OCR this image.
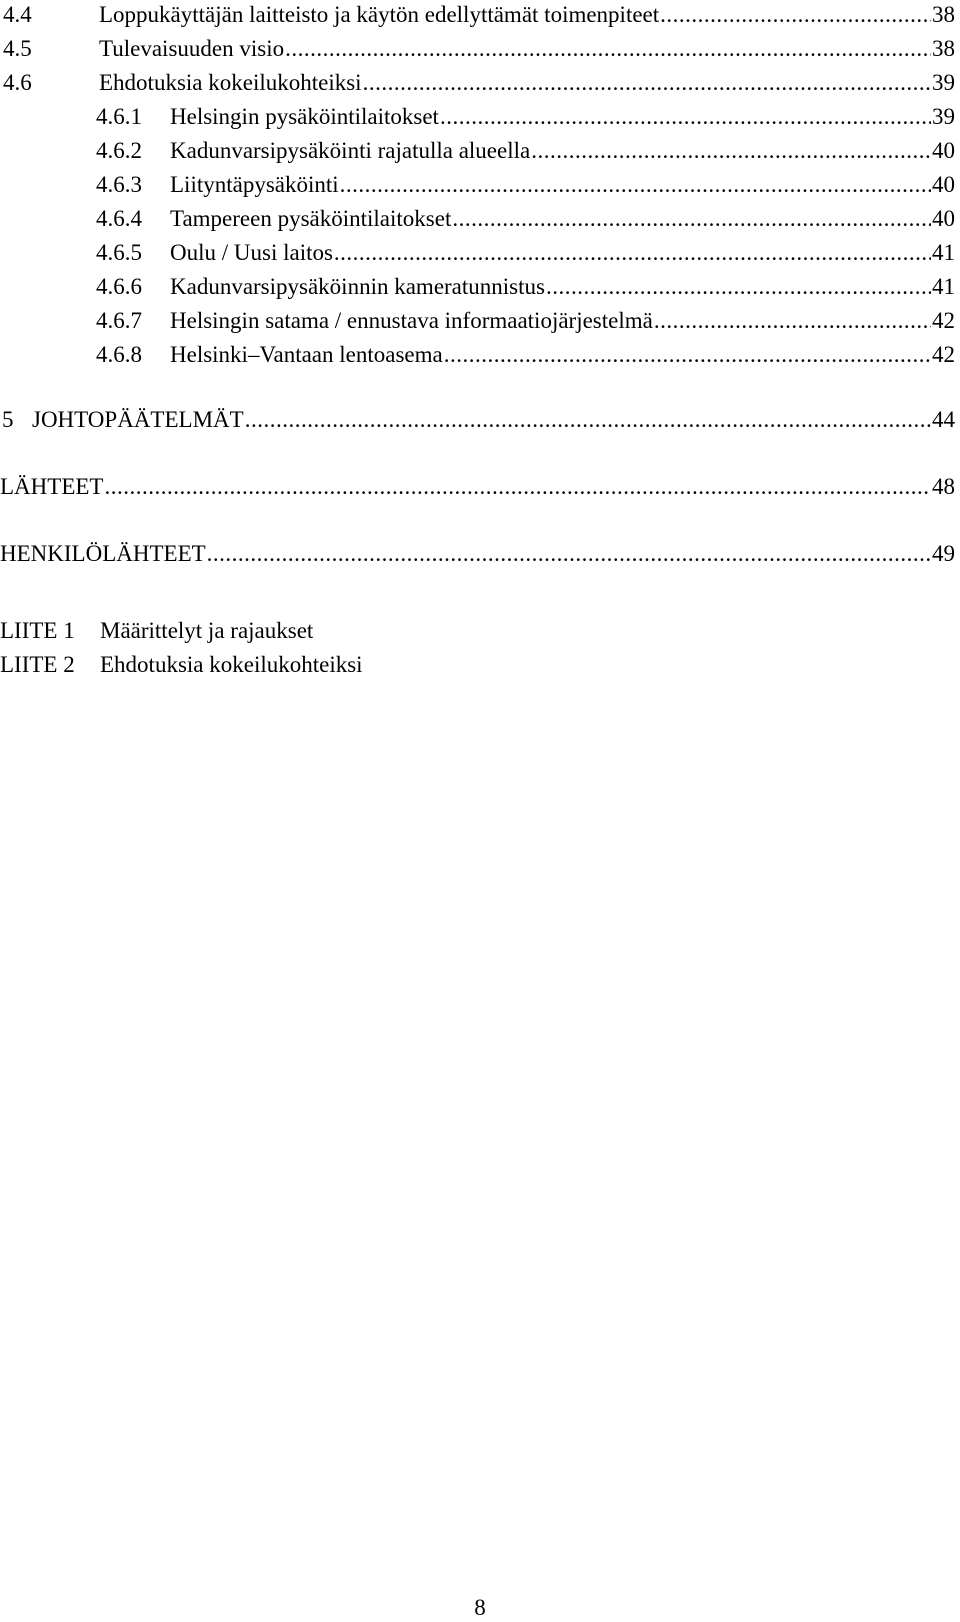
4.4	Loppukäyttäjän laitteisto ja käytön edellyttämät toimenpiteet .....	38
4.5	Tulevaisuuden visio .....	38
4.6	Ehdotuksia kokeilukohteiksi .....	39
4.6.1	Helsingin pysäköintilaitokset .....	39
4.6.2	Kadunvarsipysäköinti rajatulla alueella .....	40
4.6.3	Liityntäpysäköinti .....	40
4.6.4	Tampereen pysäköintilaitokset .....	40
4.6.5	Oulu / Uusi laitos .....	41
4.6.6	Kadunvarsipysäköinnin kameratunnistus .....	41
4.6.7	Helsingin satama / ennustava informaatiojärjestelmä .....	42
4.6.8	Helsinki–Vantaan lentoasema .....	42
5 JOHTOPÄÄTELMÄT .....	44
LÄHTEET .....	48
HENKILÖLÄHTEET .....	49
LIITE 1	Määrittelyt ja rajaukset
LIITE 2	Ehdotuksia kokeilukohteiksi
8
